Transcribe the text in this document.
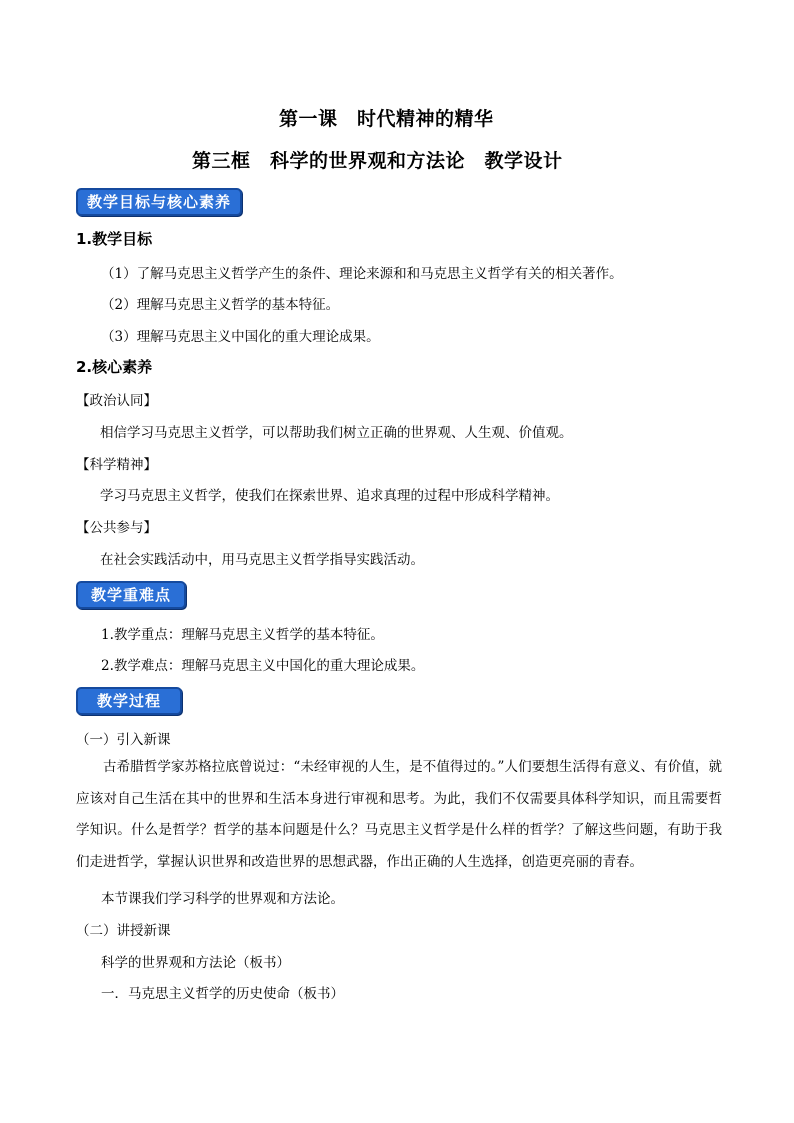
第一课　时代精神的精华
第三框　科学的世界观和方法论　教学设计
教学目标与核心素养
1.教学目标
（1）了解马克思主义哲学产生的条件、理论来源和和马克思主义哲学有关的相关著作。
（2）理解马克思主义哲学的基本特征。
（3）理解马克思主义中国化的重大理论成果。
2.核心素养
【政治认同】
相信学习马克思主义哲学，可以帮助我们树立正确的世界观、人生观、价值观。
【科学精神】
学习马克思主义哲学，使我们在探索世界、追求真理的过程中形成科学精神。
【公共参与】
在社会实践活动中，用马克思主义哲学指导实践活动。
教学重难点
1.教学重点：理解马克思主义哲学的基本特征。
2.教学难点：理解马克思主义中国化的重大理论成果。
教学过程
（一）引入新课
古希腊哲学家苏格拉底曾说过：“未经审视的人生，是不值得过的。”人们要想生活得有意义、有价值，就应该对自己生活在其中的世界和生活本身进行审视和思考。为此，我们不仅需要具体科学知识，而且需要哲学知识。什么是哲学？哲学的基本问题是什么？马克思主义哲学是什么样的哲学？了解这些问题，有助于我们走进哲学，掌握认识世界和改造世界的思想武器，作出正确的人生选择，创造更亮丽的青春。
本节课我们学习科学的世界观和方法论。
（二）讲授新课
科学的世界观和方法论（板书）
一．马克思主义哲学的历史使命（板书）
